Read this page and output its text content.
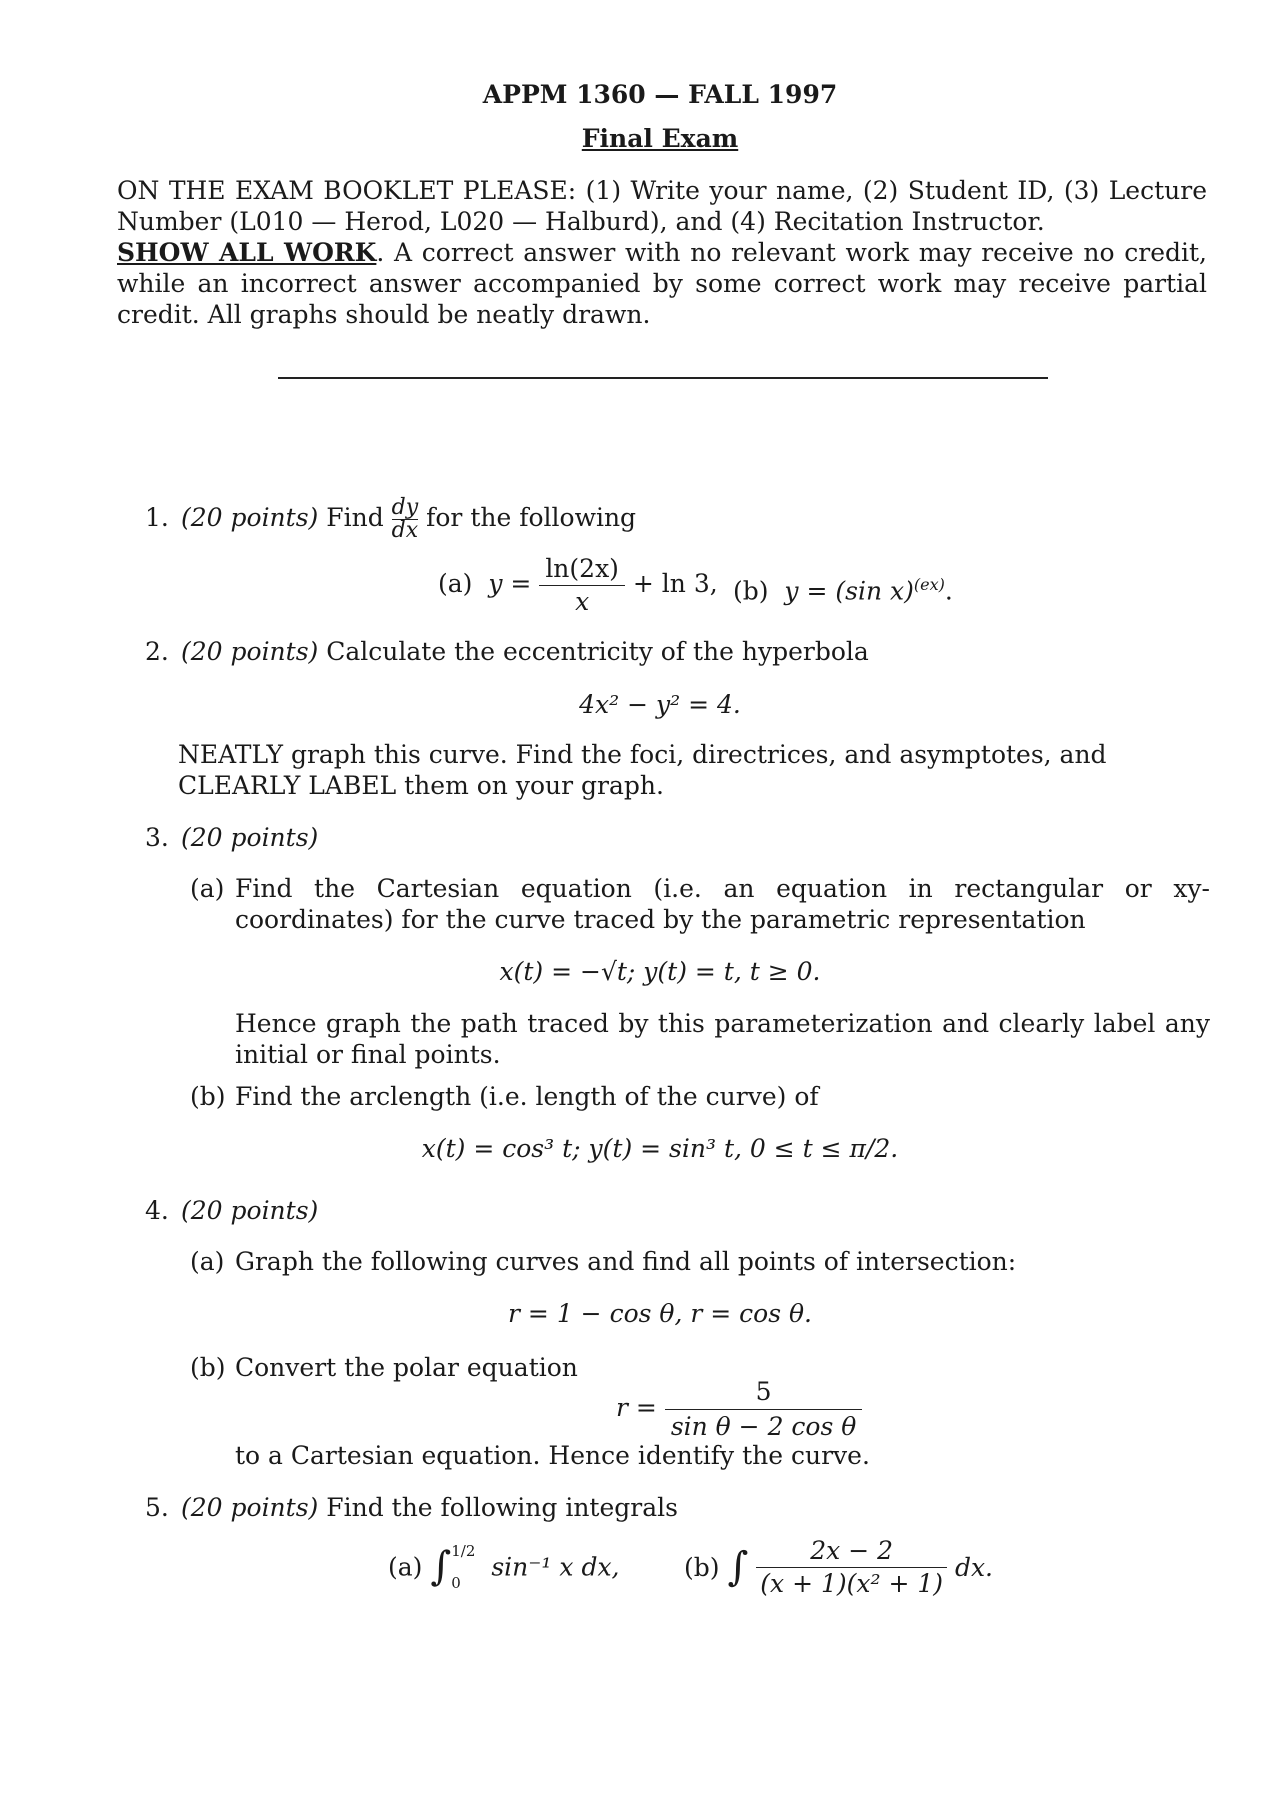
APPM 1360 — FALL 1997
Final Exam
ON THE EXAM BOOKLET PLEASE: (1) Write your name, (2) Student ID, (3) Lecture Number (L010 — Herod, L020 — Halburd), and (4) Recitation Instructor.
SHOW ALL WORK. A correct answer with no relevant work may receive no credit, while an incorrect answer accompanied by some correct work may receive partial credit. All graphs should be neatly drawn.
1. (20 points) Find $\frac{dy}{dx}$ for the following
(a) $y = \frac{\ln(2x)}{x} + \ln 3$, (b) y = (sin x)$^{(ex)}$.
2. (20 points) Calculate the eccentricity of the hyperbola
4x² − y² = 4.
NEATLY graph this curve. Find the foci, directrices, and asymptotes, and CLEARLY LABEL them on your graph.
3. (20 points)
(a) Find the Cartesian equation (i.e. an equation in rectangular or xy-coordinates) for the curve traced by the parametric representation
x(t) = −√t; y(t) = t, t ≥ 0.
Hence graph the path traced by this parameterization and clearly label any initial or final points.
(b) Find the arclength (i.e. length of the curve) of
x(t) = cos³ t; y(t) = sin³ t, 0 ≤ t ≤ π/2.
4. (20 points)
(a) Graph the following curves and find all points of intersection:
r = 1 − cos θ, r = cos θ.
(b) Convert the polar equation
$r = \frac{5}{\text{sin θ − 2 cos θ}}$
to a Cartesian equation. Hence identify the curve.
5. (20 points) Find the following integrals
(a) ∫ 1/2
0
sin⁻¹ x dx,	(b) ∫ $\frac{2x - 2}{\text{(x + 1)(x² + 1)}}$ dx.
